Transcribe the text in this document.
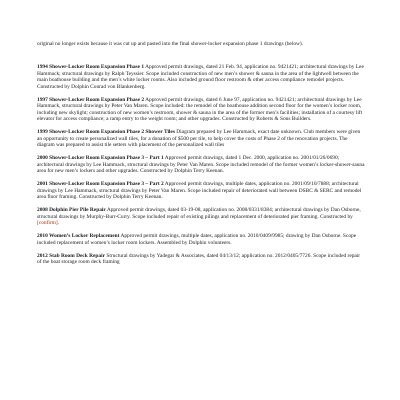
original no longer exists because it was cut up and pasted into the final shower-locker expansion phase 1 drawings (below).

1994 Shower-Locker Room Expansion Phase 1 Approved permit drawings, dated 21 Feb. 94, application no. 9421421; architectural drawings by Lee Hammack; structural drawings by Ralph Teyssier. Scope included construction of new men’s shower & sauna in the area of the lightwell between the main boathouse building and the men’s white locker rooms. Also included ground floor restroom & other access compliance remodel projects. Constructed by Dolphin Conrad von Blankenberg.

1997 Shower-Locker Room Expansion Phase 2 Approved permit drawings, dated 6 June 97, application no. 9421421; architectural drawings by Lee Hammack, structural drawings by Peter Van Maren. Scope included: the remodel of the boathouse addition second floor for the women’s locker room, including new skylight; construction of new women’s restroom, shower & sauna in the area of the former men’s facilities; installation of a courtesy lift elevator for access compliance; a ramp entry to the weight room; and other upgrades. Constructed by Roberts & Sons Builders.

1999 Shower-Locker Room Expansion Phase 2 Shower Tiles Diagram prepared by Lee Hammack, exact date unknown. Club members were given an opportunity to create personalized wall tiles, for a donation of $500 per tile, to help cover the costs of Phase 2 of the renovation projects. The diagram was prepared to assist tile setters with placement of the personalized wall tiles

2000 Shower-Locker Room Expansion Phase 3 – Part 1 Approved permit drawings, dated 1 Dec. 2000, application no. 2001/01/26/0690; architectural drawings by Lee Hammack, structural drawings by Peter Van Maren. Scope included remodel of the former women’s locker-shower-sauna area for new men’s lockers and other upgrades. Constructed by Dolphin Terry Keenan.

2001 Shower-Locker Room Expansion Phase 3 – Part 2 Approved permit drawings, multiple dates, application no. 2001/09/10/7888; architectural drawings by Lee Hammack, structural drawings by Peter Van Maren. Scope included repair of deteriorated wall between DSBC & SERC and remodel area floor framing. Constructed by Dolphin Terry Keenan.

2008 Dolphin Pier Pile Repair Approved permit drawings, dated 03-19-08, application no. 2008/0331/8384; architectural drawings by Dan Osborne, structural drawings by Murphy-Burr-Curry. Scope included repair of existing pilings and replacement of deteriorated pier framing. Constructed by [confirm].

2010 Women’s Locker Replacement Approved permit drawings, multiple dates, application no. 2010/0409/9985; drawing by Dan Osborne. Scope included replacement of women’s locker room lockers. Assembled by Dolphin volunteers.

2012 Stab Room Deck Repair Structural drawings by Yadegar & Associates, dated 04/13/12; application no. 2012/0405/7726. Scope included repair of the boat storage room deck framing
